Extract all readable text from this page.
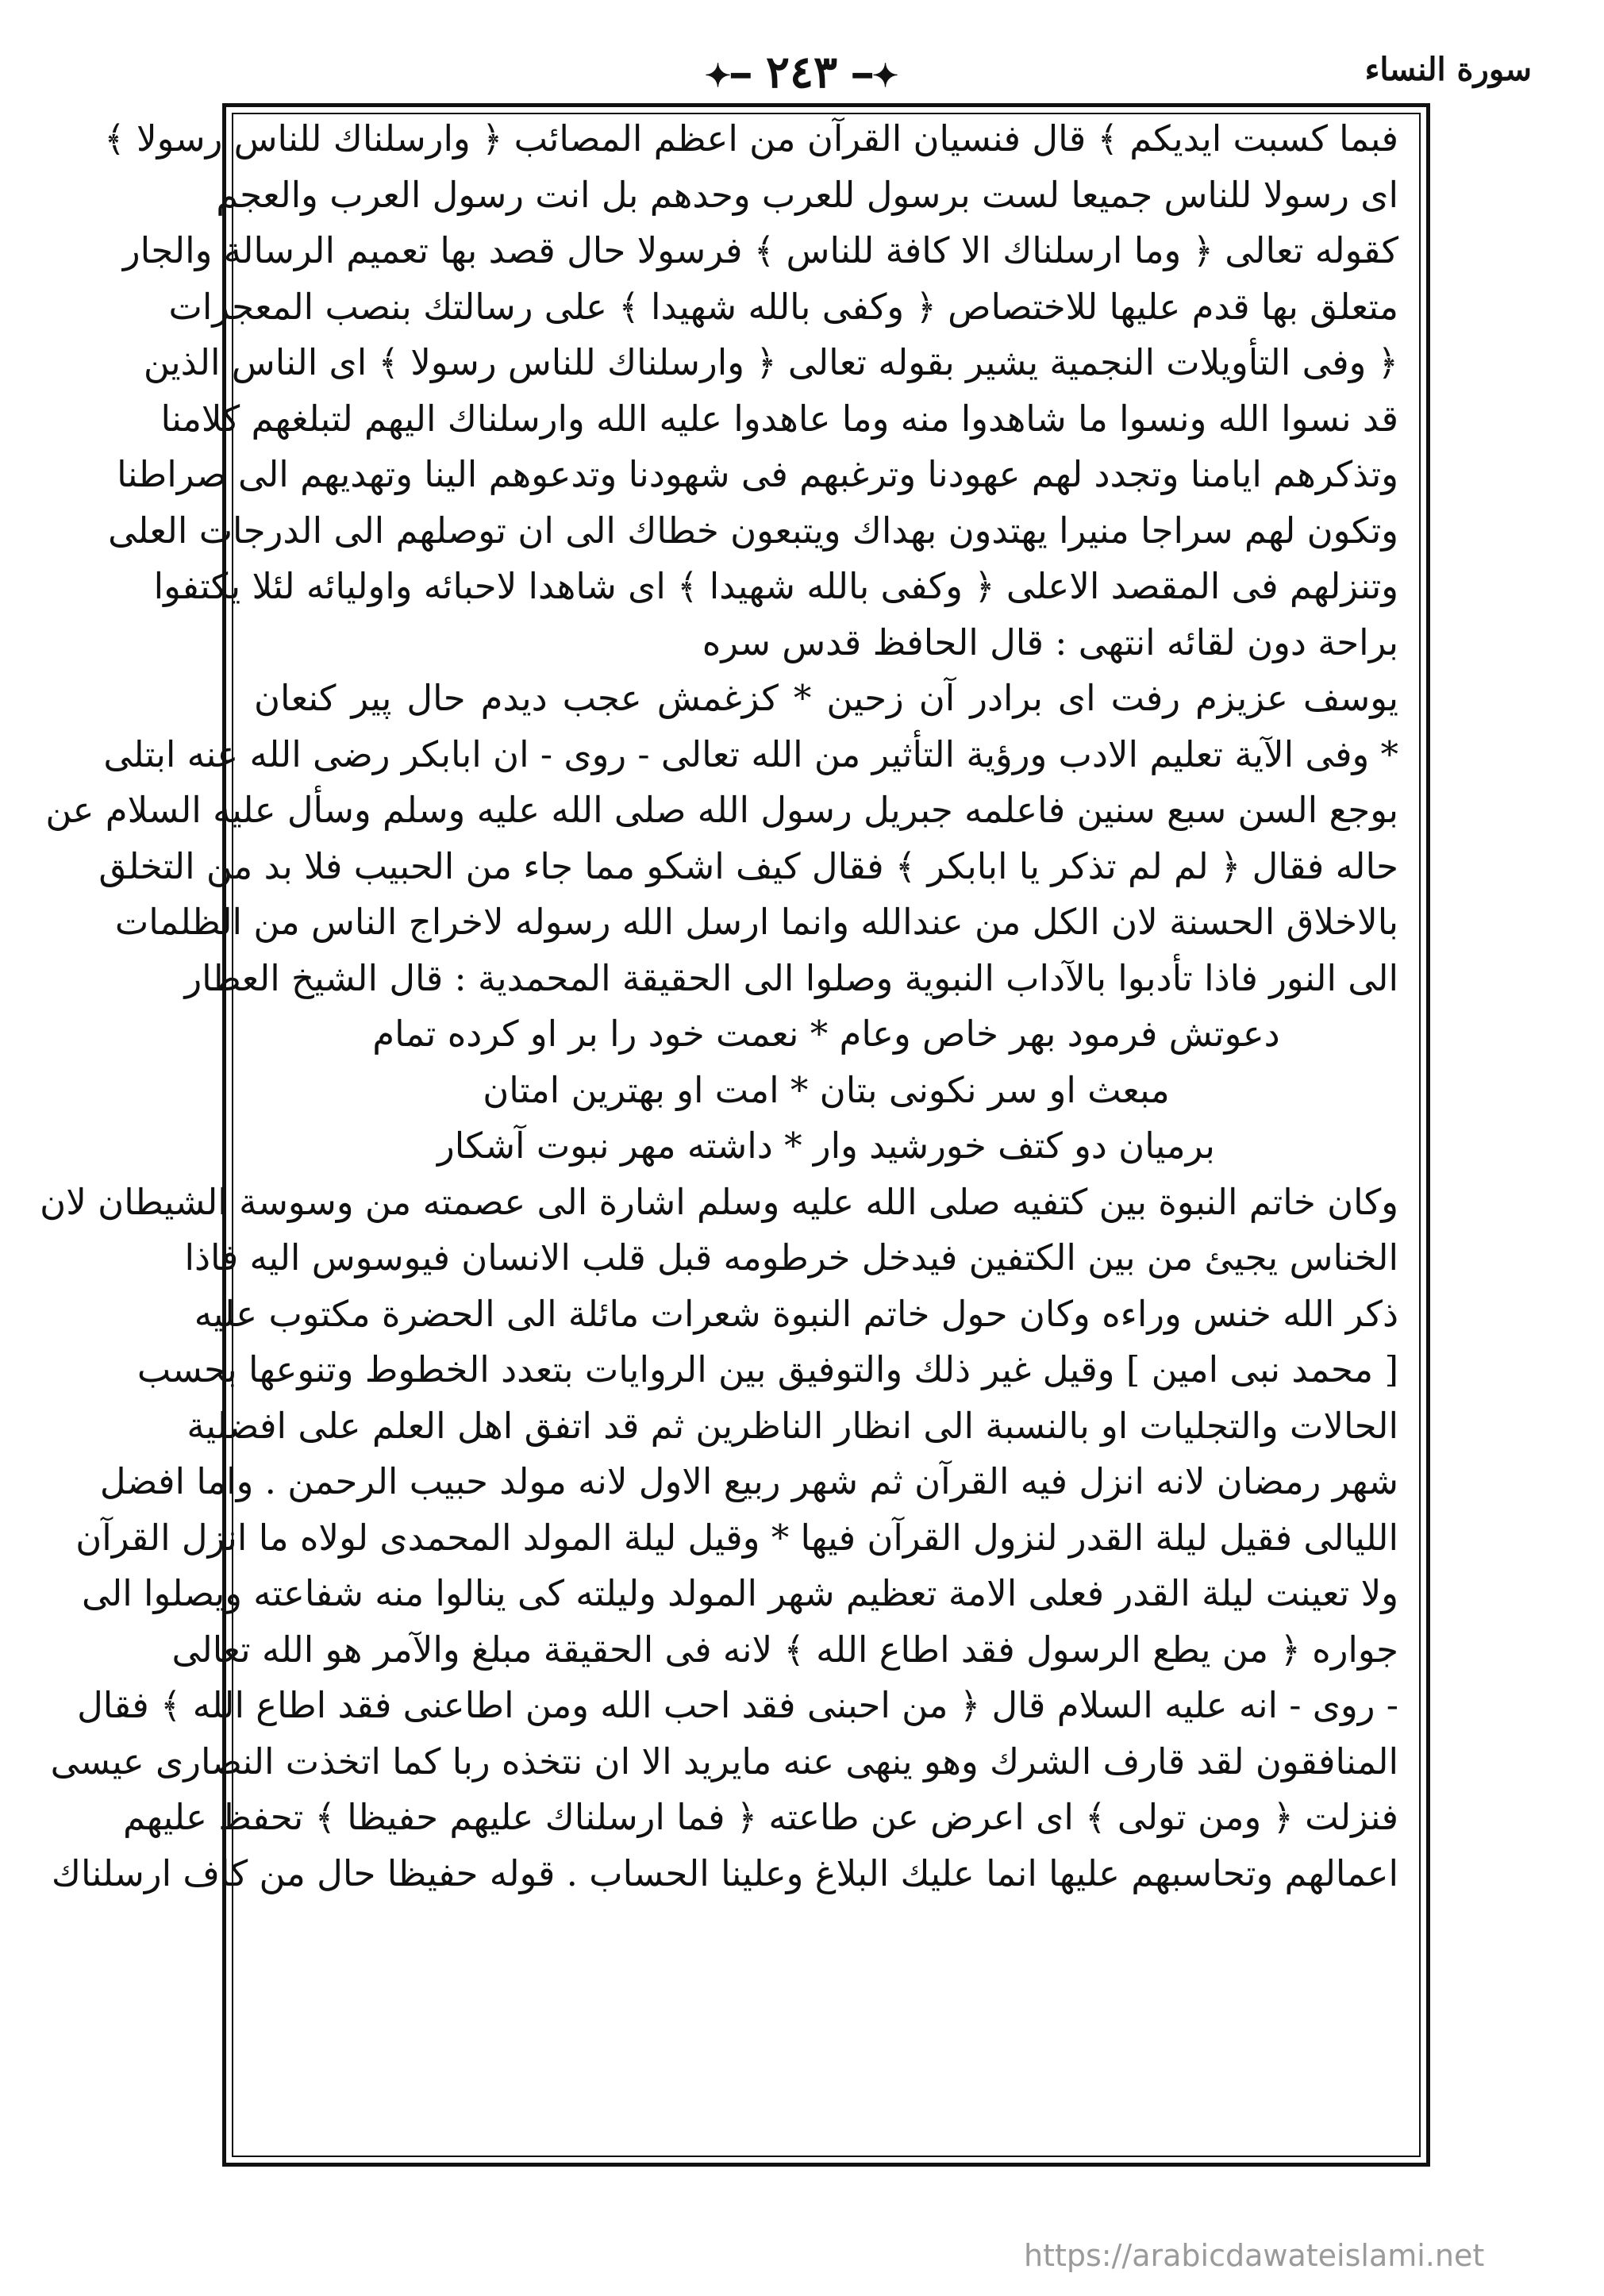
✦━ ٢٤٣ ━✦	سورة النساء

فبما كسبت ايديكم ﴾ قال فنسيان القرآن من اعظم المصائب ﴿ وارسلناك للناس رسولا ﴾

اى رسولا للناس جميعا لست برسول للعرب وحدهم بل انت رسول العرب والعجم

كقوله تعالى ﴿ وما ارسلناك الا كافة للناس ﴾ فرسولا حال قصد بها تعميم الرسالة والجار

متعلق بها قدم عليها للاختصاص ﴿ وكفى بالله شهيدا ﴾ على رسالتك بنصب المعجزات

﴿ وفى التأويلات النجمية يشير بقوله تعالى ﴿ وارسلناك للناس رسولا ﴾ اى الناس الذين

قد نسوا الله ونسوا ما شاهدوا منه وما عاهدوا عليه الله وارسلناك اليهم لتبلغهم كلامنا

وتذكرهم ايامنا وتجدد لهم عهودنا وترغبهم فى شهودنا وتدعوهم الينا وتهديهم الى صراطنا

وتكون لهم سراجا منيرا يهتدون بهداك ويتبعون خطاك الى ان توصلهم الى الدرجات العلى

وتنزلهم فى المقصد الاعلى ﴿ وكفى بالله شهيدا ﴾ اى شاهدا لاحبائه واوليائه لئلا يكتفوا

براحة دون لقائه انتهى : قال الحافظ قدس سره

يوسف عزيزم رفت اى برادر آن زحين * كزغمش عجب ديدم حال پير كنعان

* وفى الآية تعليم الادب ورؤية التأثير من الله تعالى - روى - ان ابابكر رضى الله عنه ابتلى

بوجع السن سبع سنين فاعلمه جبريل رسول الله صلى الله عليه وسلم وسأل عليه السلام عن

حاله فقال ﴿ لم لم تذكر يا ابابكر ﴾ فقال كيف اشكو مما جاء من الحبيب فلا بد من التخلق

بالاخلاق الحسنة لان الكل من عندالله وانما ارسل الله رسوله لاخراج الناس من الظلمات

الى النور فاذا تأدبوا بالآداب النبوية وصلوا الى الحقيقة المحمدية : قال الشيخ العطار

دعوتش فرمود بهر خاص وعام * نعمت خود را بر او كرده تمام

مبعث او سر نكونى بتان * امت او بهترين امتان

برميان دو كتف خورشيد وار * داشته مهر نبوت آشكار

وكان خاتم النبوة بين كتفيه صلى الله عليه وسلم اشارة الى عصمته من وسوسة الشيطان لان

الخناس يجيئ من بين الكتفين فيدخل خرطومه قبل قلب الانسان فيوسوس اليه فاذا

ذكر الله خنس وراءه وكان حول خاتم النبوة شعرات مائلة الى الحضرة مكتوب عليه

[ محمد نبى امين ] وقيل غير ذلك والتوفيق بين الروايات بتعدد الخطوط وتنوعها بحسب

الحالات والتجليات او بالنسبة الى انظار الناظرين ثم قد اتفق اهل العلم على افضلية

شهر رمضان لانه انزل فيه القرآن ثم شهر ربيع الاول لانه مولد حبيب الرحمن . واما افضل

الليالى فقيل ليلة القدر لنزول القرآن فيها * وقيل ليلة المولد المحمدى لولاه ما انزل القرآن

ولا تعينت ليلة القدر فعلى الامة تعظيم شهر المولد وليلته كى ينالوا منه شفاعته ويصلوا الى

جواره ﴿ من يطع الرسول فقد اطاع الله ﴾ لانه فى الحقيقة مبلغ والآمر هو الله تعالى

- روى - انه عليه السلام قال ﴿ من احبنى فقد احب الله ومن اطاعنى فقد اطاع الله ﴾ فقال

المنافقون لقد قارف الشرك وهو ينهى عنه مايريد الا ان نتخذه ربا كما اتخذت النصارى عيسى

فنزلت ﴿ ومن تولى ﴾ اى اعرض عن طاعته ﴿ فما ارسلناك عليهم حفيظا ﴾ تحفظ عليهم

اعمالهم وتحاسبهم عليها انما عليك البلاغ وعلينا الحساب . قوله حفيظا حال من كاف ارسلناك

https://arabicdawateislami.net
